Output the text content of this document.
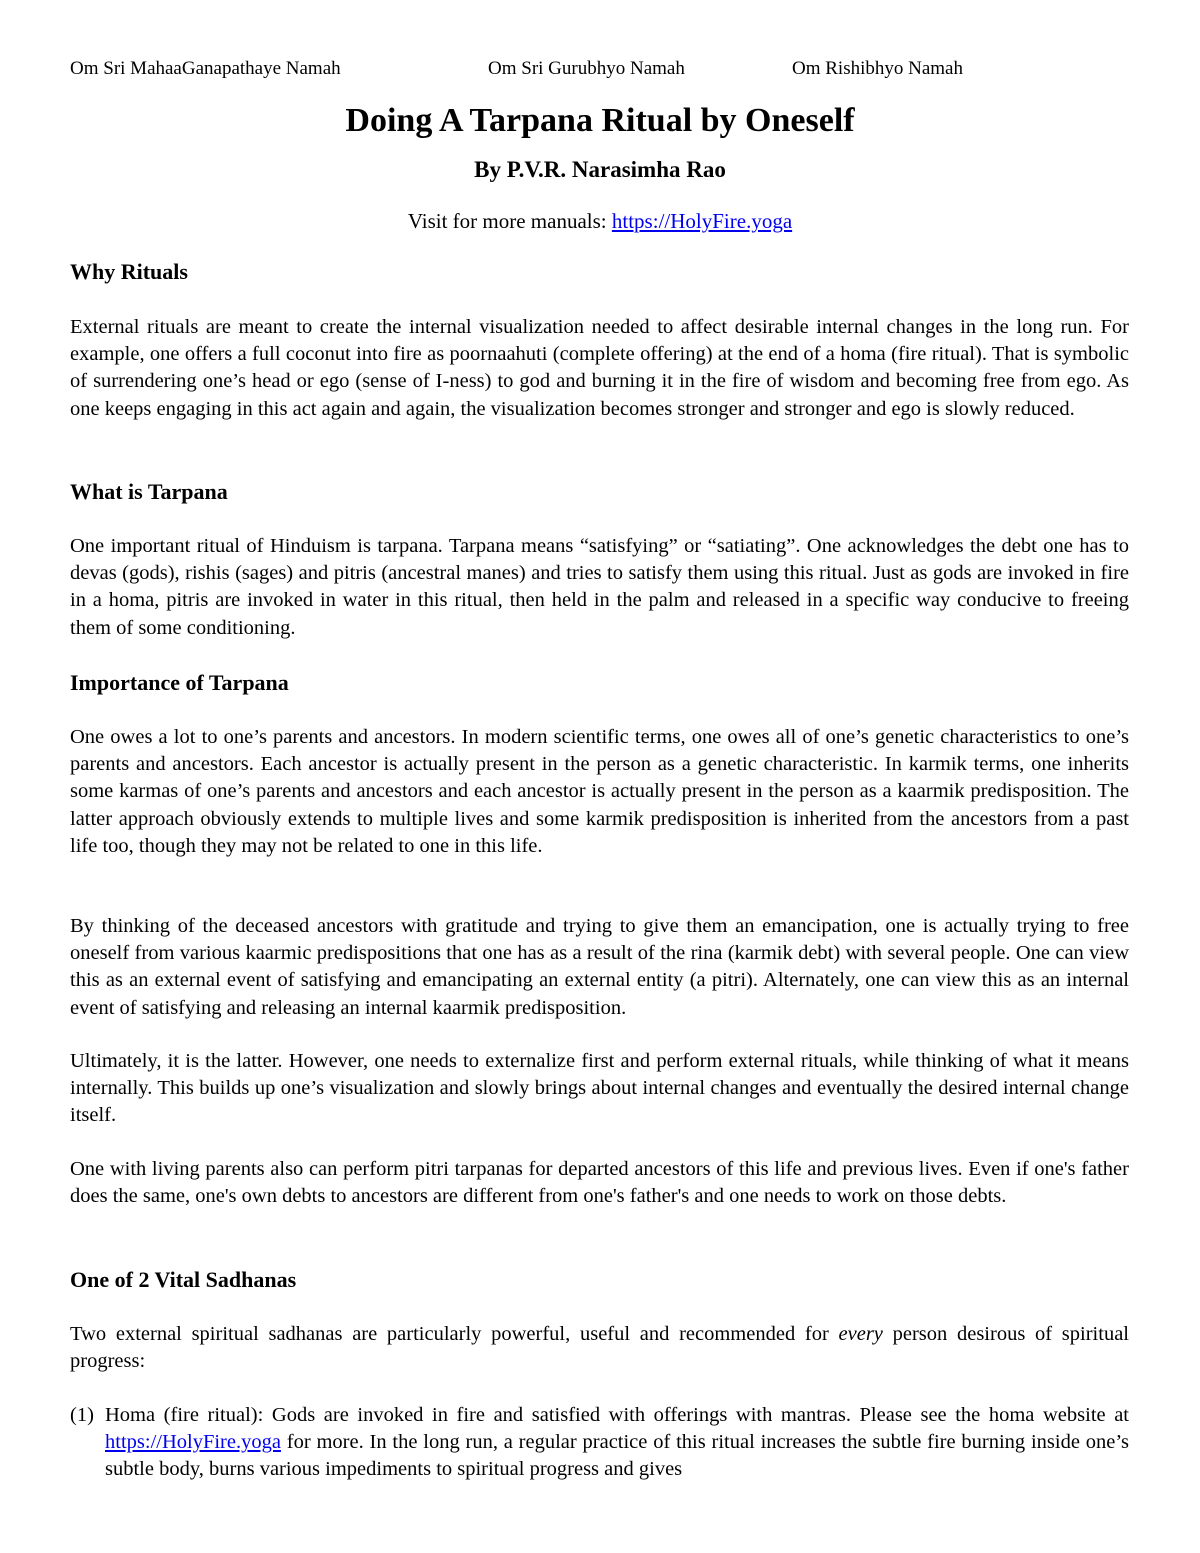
Om Sri MahaaGanapathaye Namah	Om Sri Gurubhyo Namah	Om Rishibhyo Namah
Doing A Tarpana Ritual by Oneself
By P.V.R. Narasimha Rao
Visit for more manuals: https://HolyFire.yoga
Why Rituals

External rituals are meant to create the internal visualization needed to affect desirable internal changes in the long run. For example, one offers a full coconut into fire as poornaahuti (complete offering) at the end of a homa (fire ritual). That is symbolic of surrendering one’s head or ego (sense of I-ness) to god and burning it in the fire of wisdom and becoming free from ego. As one keeps engaging in this act again and again, the visualization becomes stronger and stronger and ego is slowly reduced.

What is Tarpana

One important ritual of Hinduism is tarpana. Tarpana means “satisfying” or “satiating”. One acknowledges the debt one has to devas (gods), rishis (sages) and pitris (ancestral manes) and tries to satisfy them using this ritual. Just as gods are invoked in fire in a homa, pitris are invoked in water in this ritual, then held in the palm and released in a specific way conducive to freeing them of some conditioning.

Importance of Tarpana

One owes a lot to one’s parents and ancestors. In modern scientific terms, one owes all of one’s genetic characteristics to one’s parents and ancestors. Each ancestor is actually present in the person as a genetic characteristic. In karmik terms, one inherits some karmas of one’s parents and ancestors and each ancestor is actually present in the person as a kaarmik predisposition. The latter approach obviously extends to multiple lives and some karmik predisposition is inherited from the ancestors from a past life too, though they may not be related to one in this life.

By thinking of the deceased ancestors with gratitude and trying to give them an emancipation, one is actually trying to free oneself from various kaarmic predispositions that one has as a result of the rina (karmik debt) with several people. One can view this as an external event of satisfying and emancipating an external entity (a pitri). Alternately, one can view this as an internal event of satisfying and releasing an internal kaarmik predisposition.

Ultimately, it is the latter. However, one needs to externalize first and perform external rituals, while thinking of what it means internally. This builds up one’s visualization and slowly brings about internal changes and eventually the desired internal change itself.

One with living parents also can perform pitri tarpanas for departed ancestors of this life and previous lives. Even if one's father does the same, one's own debts to ancestors are different from one's father's and one needs to work on those debts.

One of 2 Vital Sadhanas

Two external spiritual sadhanas are particularly powerful, useful and recommended for every person desirous of spiritual progress:

(1) Homa (fire ritual): Gods are invoked in fire and satisfied with offerings with mantras. Please see the homa website at https://HolyFire.yoga for more. In the long run, a regular practice of this ritual increases the subtle fire burning inside one’s subtle body, burns various impediments to spiritual progress and gives
